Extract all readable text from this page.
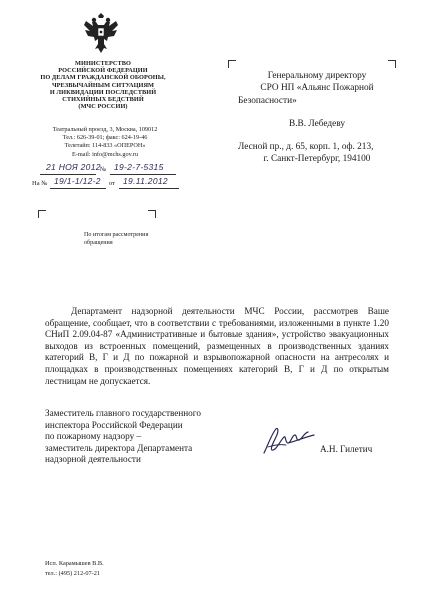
МИНИСТЕРСТВО
РОССИЙСКОЙ ФЕДЕРАЦИИ
ПО ДЕЛАМ ГРАЖДАНСКОЙ ОБОРОНЫ,
ЧРЕЗВЫЧАЙНЫМ СИТУАЦИЯМ
И ЛИКВИДАЦИИ ПОСЛЕДСТВИЙ
СТИХИЙНЫХ БЕДСТВИЙ
(МЧС РОССИИ)
Театральный проезд, 3, Москва, 109012
Тел.: 626-39-01; факс: 624-19-46
Телетайп: 114-833 «ОПЕРОН»
E-mail: info@mchs.gov.ru
21 НОЯ 2012 № 19-2-7-5315
На № 19/1-1/12-2 от 19.11.2012
Генеральному директору
СРО НП «Альянс Пожарной
Безопасности»
В.В. Лебедеву
Лесной пр., д. 65, корп. 1, оф. 213,
г. Санкт-Петербург, 194100
По итогам рассмотрения
обращения
Департамент надзорной деятельности МЧС России, рассмотрев Ваше обращение, сообщает, что в соответствии с требованиями, изложенными в пункте 1.20 СНиП 2.09.04-87 «Административные и бытовые здания», устройство эвакуационных выходов из встроенных помещений, размещенных в производственных зданиях категорий В, Г и Д по пожарной и взрывопожарной опасности на антресолях и площадках в производственных помещениях категорий В, Г и Д по открытым лестницам не допускается.
Заместитель главного государственного
инспектора Российской Федерации
по пожарному надзору –
заместитель директора Департамента
надзорной деятельности
А.Н. Гилетич
Исп. Карамышев В.В.
тел.: (495) 212-07-21
